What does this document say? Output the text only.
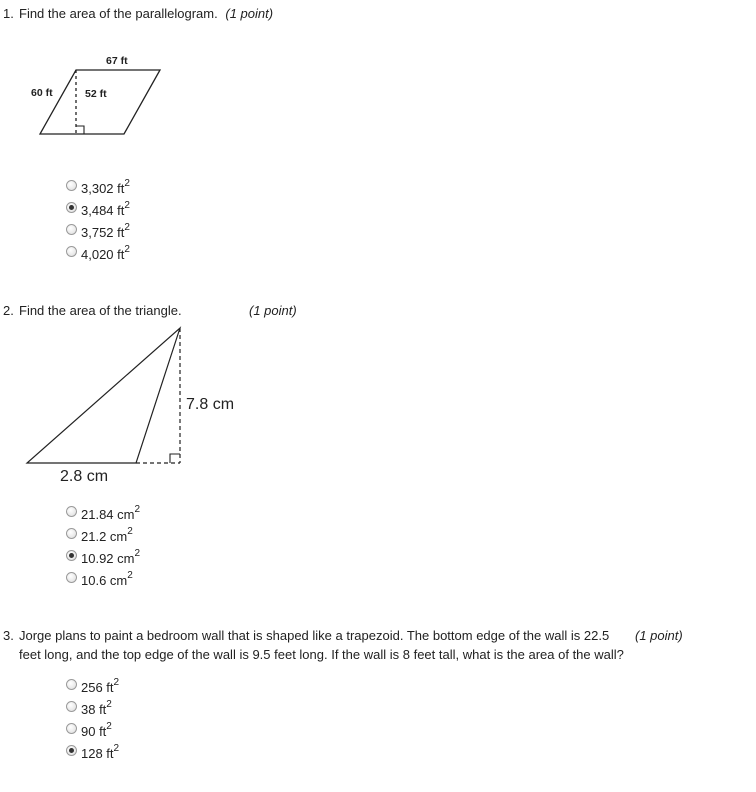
1. Find the area of the parallelogram. (1 point)
67 ft
60 ft	52 ft
3,302 $ft^2$
3,484 $ft^2$
3,752 $ft^2$
4,020 $ft^2$
2. Find the area of the triangle.	(1 point)
7.8 cm
2.8 cm
21.84 $cm^2$
21.2 $cm^2$
10.92 $cm^2$
10.6 $cm^2$
3. Jorge plans to paint a bedroom wall that is shaped like a trapezoid. The bottom edge of the wall is 22.5 feet long, and the top edge of the wall is 9.5 feet long. If the wall is 8 feet tall, what is the area of the wall?
(1 point)
256 $ft^2$
38 $ft^2$
90 $ft^2$
128 $ft^2$
